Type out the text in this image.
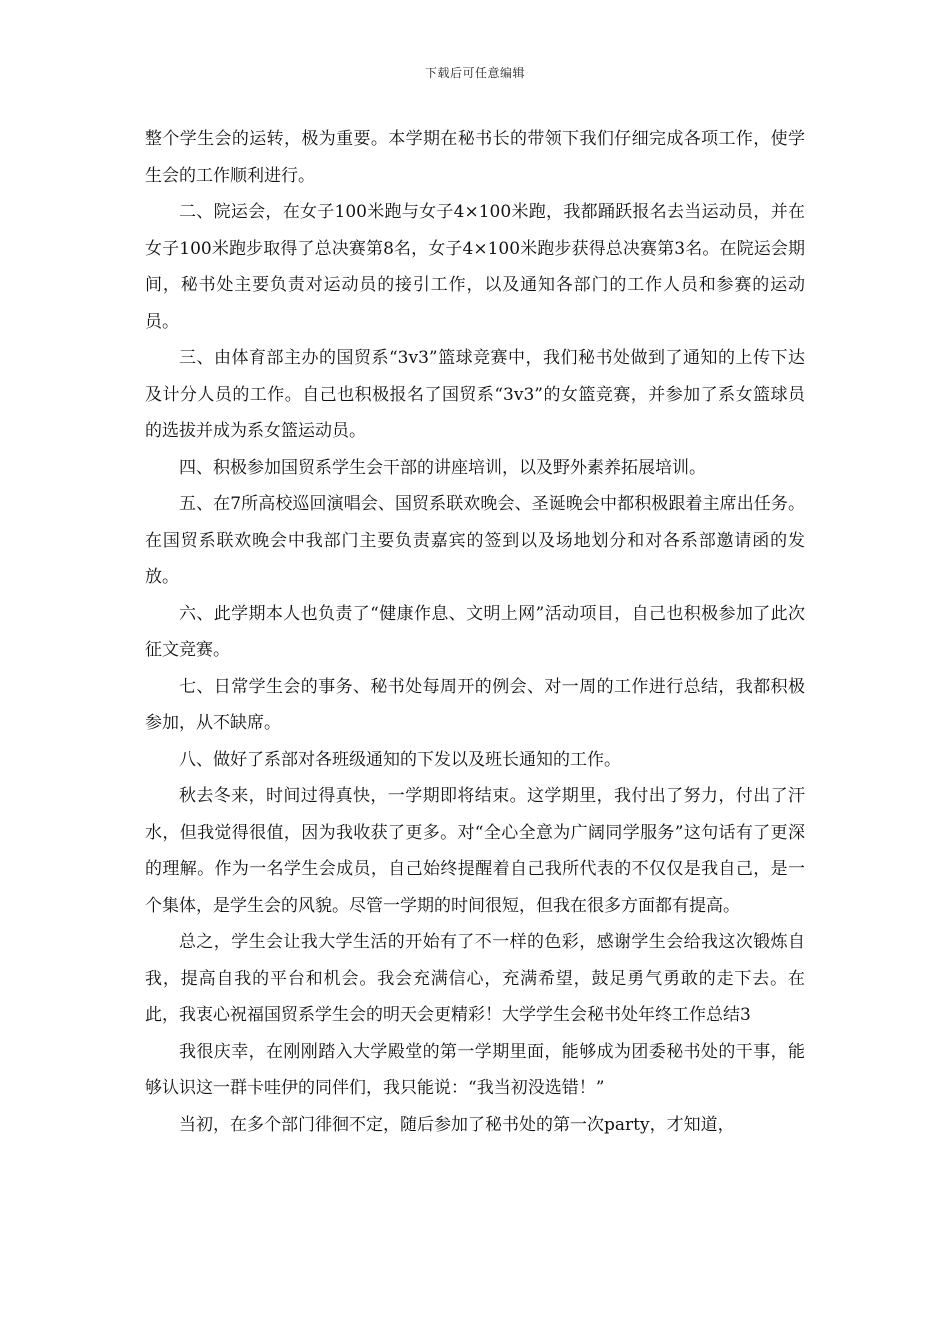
下载后可任意编辑

整个学生会的运转，极为重要。本学期在秘书长的带领下我们仔细完成各项工作，使学生会的工作顺利进行。

二、院运会，在女子100米跑与女子4×100米跑，我都踊跃报名去当运动员，并在女子100米跑步取得了总决赛第8名，女子4×100米跑步获得总决赛第3名。在院运会期间，秘书处主要负责对运动员的接引工作，以及通知各部门的工作人员和参赛的运动员。

三、由体育部主办的国贸系“3v3”篮球竞赛中，我们秘书处做到了通知的上传下达及计分人员的工作。自己也积极报名了国贸系“3v3”的女篮竞赛，并参加了系女篮球员的选拔并成为系女篮运动员。

四、积极参加国贸系学生会干部的讲座培训，以及野外素养拓展培训。

五、在7所高校巡回演唱会、国贸系联欢晚会、圣诞晚会中都积极跟着主席出任务。在国贸系联欢晚会中我部门主要负责嘉宾的签到以及场地划分和对各系部邀请函的发放。

六、此学期本人也负责了“健康作息、文明上网”活动项目，自己也积极参加了此次征文竞赛。

七、日常学生会的事务、秘书处每周开的例会、对一周的工作进行总结，我都积极参加，从不缺席。

八、做好了系部对各班级通知的下发以及班长通知的工作。

秋去冬来，时间过得真快，一学期即将结束。这学期里，我付出了努力，付出了汗水，但我觉得很值，因为我收获了更多。对“全心全意为广阔同学服务”这句话有了更深的理解。作为一名学生会成员，自己始终提醒着自己我所代表的不仅仅是我自己，是一个集体，是学生会的风貌。尽管一学期的时间很短，但我在很多方面都有提高。

总之，学生会让我大学生活的开始有了不一样的色彩，感谢学生会给我这次锻炼自我，提高自我的平台和机会。我会充满信心，充满希望，鼓足勇气勇敢的走下去。在此，我衷心祝福国贸系学生会的明天会更精彩！大学学生会秘书处年终工作总结3

我很庆幸，在刚刚踏入大学殿堂的第一学期里面，能够成为团委秘书处的干事，能够认识这一群卡哇伊的同伴们，我只能说：“我当初没选错！”

当初，在多个部门徘徊不定，随后参加了秘书处的第一次party，才知道，
